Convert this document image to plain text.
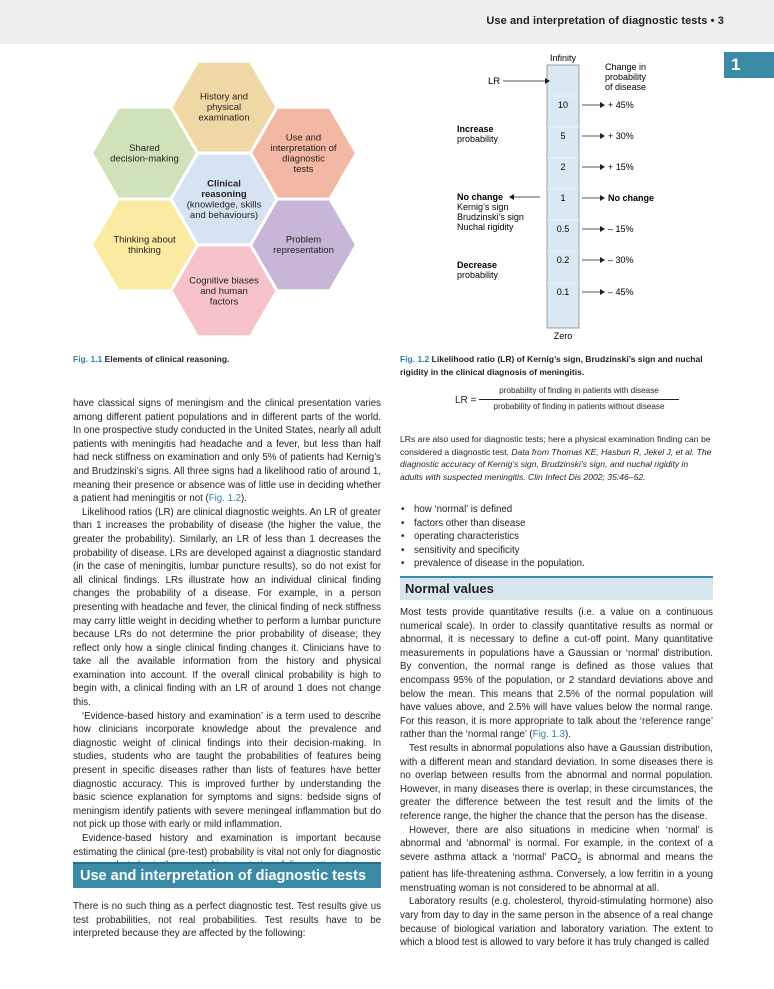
Use and interpretation of diagnostic tests • 3
1
History and physical examination
Use and interpretation of diagnostic tests
Problem representation
Cognitive biases and human factors
Thinking about thinking
Shared decision-making
Clinical reasoning (knowledge, skills and behaviours)
Fig. 1.1 Elements of clinical reasoning.
Infinity
Zero
10	+ 45%
5	+ 30%
2	+ 15%
1	No change
0.5	– 15%
0.2	– 30%
0.1	– 45%
LR
Change in probability of disease
Increase probability
No change Kernig’s sign Brudzinski’s sign Nuchal rigidity
Decrease probability
Fig. 1.2 Likelihood ratio (LR) of Kernig’s sign, Brudzinski’s sign and nuchal rigidity in the clinical diagnosis of meningitis.
LR =
probability of finding in patients with disease
probability of finding in patients without disease
LRs are also used for diagnostic tests; here a physical examination finding can be considered a diagnostic test. Data from Thomas KE, Hasbun R, Jekel J, et al. The diagnostic accuracy of Kernig’s sign, Brudzinski’s sign, and nuchal rigidity in adults with suspected meningitis. Clin Infect Dis 2002; 35:46–52.

have classical signs of meningism and the clinical presentation varies among different patient populations and in different parts of the world. In one prospective study conducted in the United States, nearly all adult patients with meningitis had headache and a fever, but less than half had neck stiffness on examination and only 5% of patients had Kernig’s and Brudzinski’s signs. All three signs had a likelihood ratio of around 1, meaning their presence or absence was of little use in deciding whether a patient had meningitis or not (Fig. 1.2).

Likelihood ratios (LR) are clinical diagnostic weights. An LR of greater than 1 increases the probability of disease (the higher the value, the greater the probability). Similarly, an LR of less than 1 decreases the probability of disease. LRs are developed against a diagnostic standard (in the case of meningitis, lumbar puncture results), so do not exist for all clinical findings. LRs illustrate how an individual clinical finding changes the probability of a disease. For example, in a person presenting with headache and fever, the clinical finding of neck stiffness may carry little weight in deciding whether to perform a lumbar puncture because LRs do not determine the prior probability of disease; they reflect only how a single clinical finding changes it. Clinicians have to take all the available information from the history and physical examination into account. If the overall clinical probability is high to begin with, a clinical finding with an LR of around 1 does not change this.

‘Evidence-based history and examination’ is a term used to describe how clinicians incorporate knowledge about the prevalence and diagnostic weight of clinical findings into their decision-making. In studies, students who are taught the probabilities of features being present in specific diseases rather than lists of features have better diagnostic accuracy. This is improved further by understanding the basic science explanation for symptoms and signs: bedside signs of meningism identify patients with severe meningeal inflammation but do not pick up those with early or mild inflammation.

Evidence-based history and examination is important because estimating the clinical (pre-test) probability is vital not only for diagnostic

Use and interpretation of diagnostic tests

There is no such thing as a perfect diagnostic test. Test results give us test probabilities, not real probabilities. Test results have to be interpreted because they are affected by the following:

• how ‘normal’ is defined
• factors other than disease
• operating characteristics
• sensitivity and specificity
• prevalence of disease in the population.
Normal values

Most tests provide quantitative results (i.e. a value on a continuous numerical scale). In order to classify quantitative results as normal or abnormal, it is necessary to define a cut-off point. Many quantitative measurements in populations have a Gaussian or ‘normal’ distribution. By convention, the normal range is defined as those values that encompass 95% of the population, or 2 standard deviations above and below the mean. This means that 2.5% of the normal population will have values above, and 2.5% will have values below the normal range. For this reason, it is more appropriate to talk about the ‘reference range’ rather than the ‘normal range’ (Fig. 1.3).

Test results in abnormal populations also have a Gaussian distribution, with a different mean and standard deviation. In some diseases there is no overlap between results from the abnormal and normal population. However, in many diseases there is overlap; in these circumstances, the greater the difference between the test result and the limits of the reference range, the higher the chance that the person has the disease.

However, there are also situations in medicine when ‘normal’ is abnormal and ‘abnormal’ is normal. For example, in the context of a severe asthma attack a ‘normal’ PaCO$_2$ is abnormal and means the patient has life-threatening asthma. Conversely, a low ferritin in a young menstruating woman is not considered to be abnormal at all.

Laboratory results (e.g. cholesterol, thyroid-stimulating hormone) also vary from day to day in the same person in the absence of a real change because of biological variation and laboratory variation. The extent to which a blood test is allowed to vary before it has truly changed is called
